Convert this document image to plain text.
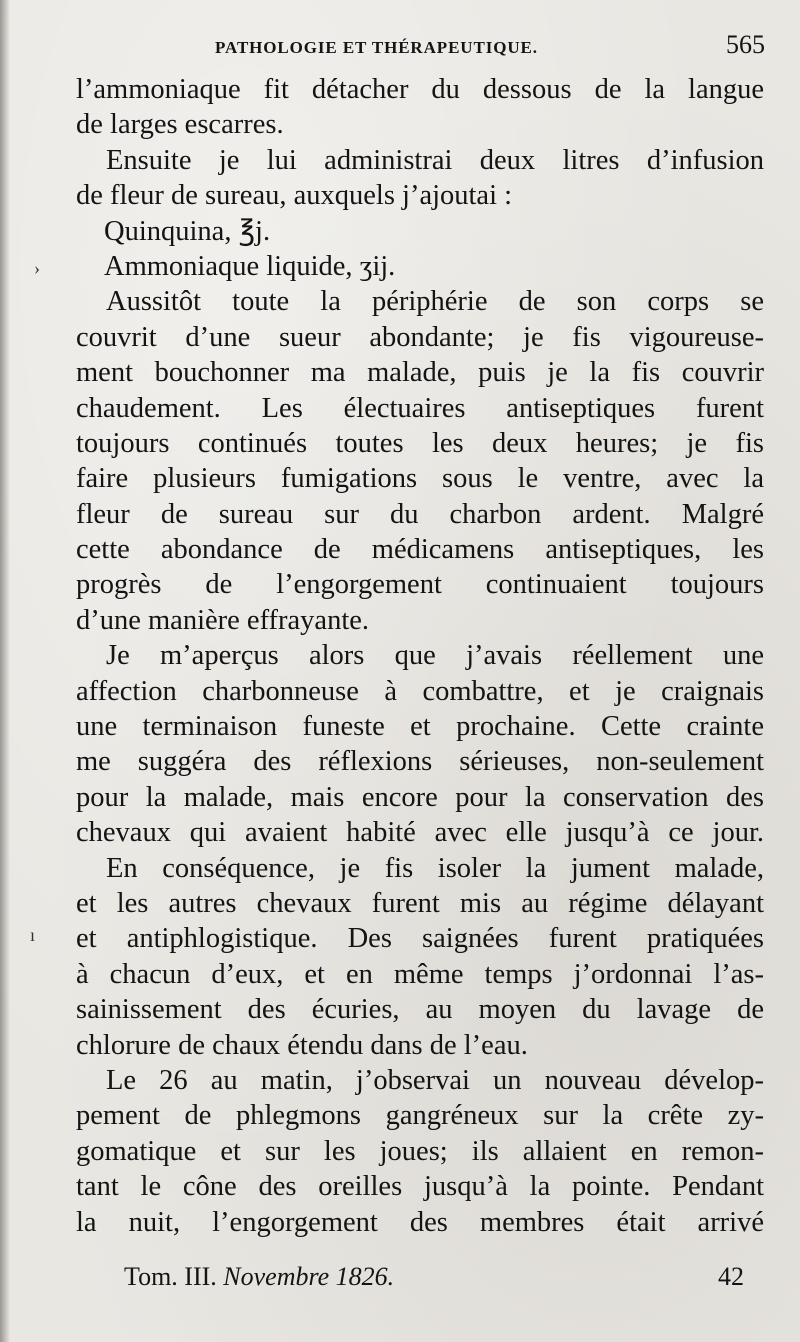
PATHOLOGIE ET THÉRAPEUTIQUE.	565
›
ı
l’ammoniaque fit détacher du dessous de la langue
de larges escarres.
Ensuite je lui administrai deux litres d’infusion
de fleur de sureau, auxquels j’ajoutai :
Quinquina, ℥j.
Ammoniaque liquide, ʒij.
Aussitôt toute la périphérie de son corps se
couvrit d’une sueur abondante; je fis vigoureuse-
ment bouchonner ma malade, puis je la fis couvrir
chaudement. Les électuaires antiseptiques furent
toujours continués toutes les deux heures; je fis
faire plusieurs fumigations sous le ventre, avec la
fleur de sureau sur du charbon ardent. Malgré
cette abondance de médicamens antiseptiques, les
progrès de l’engorgement continuaient toujours
d’une manière effrayante.
Je m’aperçus alors que j’avais réellement une
affection charbonneuse à combattre, et je craignais
une terminaison funeste et prochaine. Cette crainte
me suggéra des réflexions sérieuses, non-seulement
pour la malade, mais encore pour la conservation des
chevaux qui avaient habité avec elle jusqu’à ce jour.
En conséquence, je fis isoler la jument malade,
et les autres chevaux furent mis au régime délayant
et antiphlogistique. Des saignées furent pratiquées
à chacun d’eux, et en même temps j’ordonnai l’as-
sainissement des écuries, au moyen du lavage de
chlorure de chaux étendu dans de l’eau.
Le 26 au matin, j’observai un nouveau dévelop-
pement de phlegmons gangréneux sur la crête zy-
gomatique et sur les joues; ils allaient en remon-
tant le cône des oreilles jusqu’à la pointe. Pendant
la nuit, l’engorgement des membres était arrivé
Tom. III. Novembre 1826.	42
